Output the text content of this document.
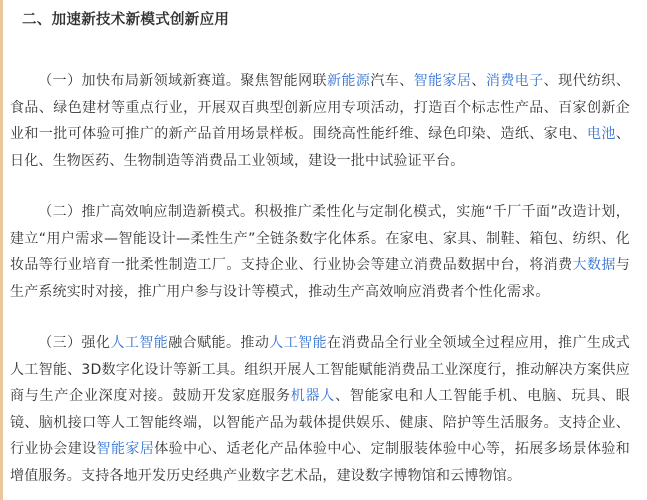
二、加速新技术新模式创新应用

（一）加快布局新领域新赛道。聚焦智能网联新能源汽车、智能家居、消费电子、现代纺织、食品、绿色建材等重点行业，开展双百典型创新应用专项活动，打造百个标志性产品、百家创新企业和一批可体验可推广的新产品首用场景样板。围绕高性能纤维、绿色印染、造纸、家电、电池、日化、生物医药、生物制造等消费品工业领域，建设一批中试验证平台。

（二）推广高效响应制造新模式。积极推广柔性化与定制化模式，实施“千厂千面”改造计划，建立“用户需求—智能设计—柔性生产”全链条数字化体系。在家电、家具、制鞋、箱包、纺织、化妆品等行业培育一批柔性制造工厂。支持企业、行业协会等建立消费品数据中台，将消费大数据与生产系统实时对接，推广用户参与设计等模式，推动生产高效响应消费者个性化需求。

（三）强化人工智能融合赋能。推动人工智能在消费品全行业全领域全过程应用，推广生成式人工智能、3D数字化设计等新工具。组织开展人工智能赋能消费品工业深度行，推动解决方案供应商与生产企业深度对接。鼓励开发家庭服务机器人、智能家电和人工智能手机、电脑、玩具、眼镜、脑机接口等人工智能终端，以智能产品为载体提供娱乐、健康、陪护等生活服务。支持企业、行业协会建设智能家居体验中心、适老化产品体验中心、定制服装体验中心等，拓展多场景体验和增值服务。支持各地开发历史经典产业数字艺术品，建设数字博物馆和云博物馆。
